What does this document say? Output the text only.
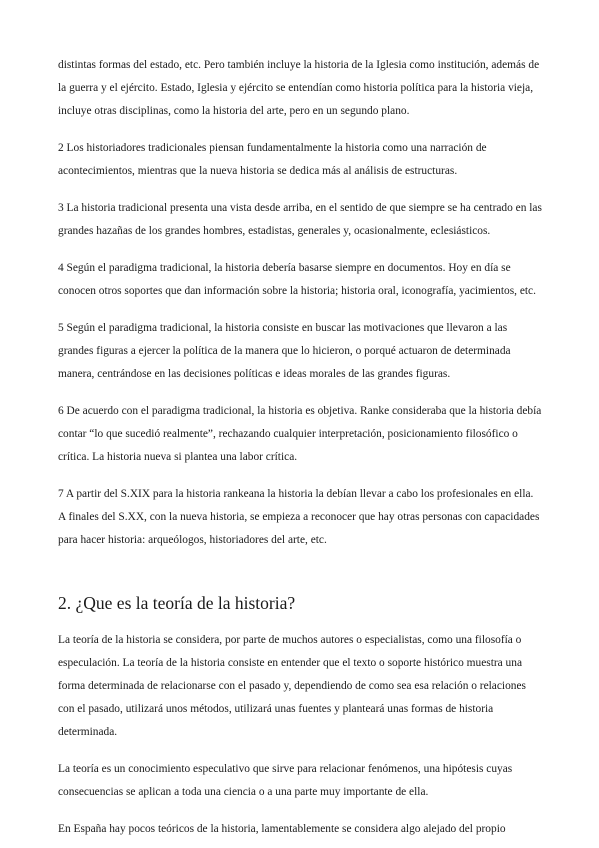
distintas formas del estado, etc. Pero también incluye la historia de la Iglesia como institución, además de la guerra y el ejército. Estado, Iglesia y ejército se entendían como historia política para la historia vieja, incluye otras disciplinas, como la historia del arte, pero en un segundo plano.

2 Los historiadores tradicionales piensan fundamentalmente la historia como una narración de acontecimientos, mientras que la nueva historia se dedica más al análisis de estructuras.

3 La historia tradicional presenta una vista desde arriba, en el sentido de que siempre se ha centrado en las grandes hazañas de los grandes hombres, estadistas, generales y, ocasionalmente, eclesiásticos.

4 Según el paradigma tradicional, la historia debería basarse siempre en documentos. Hoy en día se conocen otros soportes que dan información sobre la historia; historia oral, iconografía, yacimientos, etc.

5 Según el paradigma tradicional, la historia consiste en buscar las motivaciones que llevaron a las grandes figuras a ejercer la política de la manera que lo hicieron, o porqué actuaron de determinada manera, centrándose en las decisiones políticas e ideas morales de las grandes figuras.

6 De acuerdo con el paradigma tradicional, la historia es objetiva. Ranke consideraba que la historia debía contar “lo que sucedió realmente”, rechazando cualquier interpretación, posicionamiento filosófico o crítica. La historia nueva si plantea una labor crítica.

7 A partir del S.XIX para la historia rankeana la historia la debían llevar a cabo los profesionales en ella. A finales del S.XX, con la nueva historia, se empieza a reconocer que hay otras personas con capacidades para hacer historia: arqueólogos, historiadores del arte, etc.

2. ¿Que es la teoría de la historia?

La teoría de la historia se considera, por parte de muchos autores o especialistas, como una filosofía o especulación. La teoría de la historia consiste en entender que el texto o soporte histórico muestra una forma determinada de relacionarse con el pasado y, dependiendo de como sea esa relación o relaciones con el pasado, utilizará unos métodos, utilizará unas fuentes y planteará unas formas de historia determinada.

La teoría es un conocimiento especulativo que sirve para relacionar fenómenos, una hipótesis cuyas consecuencias se aplican a toda una ciencia o a una parte muy importante de ella.

En España hay pocos teóricos de la historia, lamentablemente se considera algo alejado del propio
